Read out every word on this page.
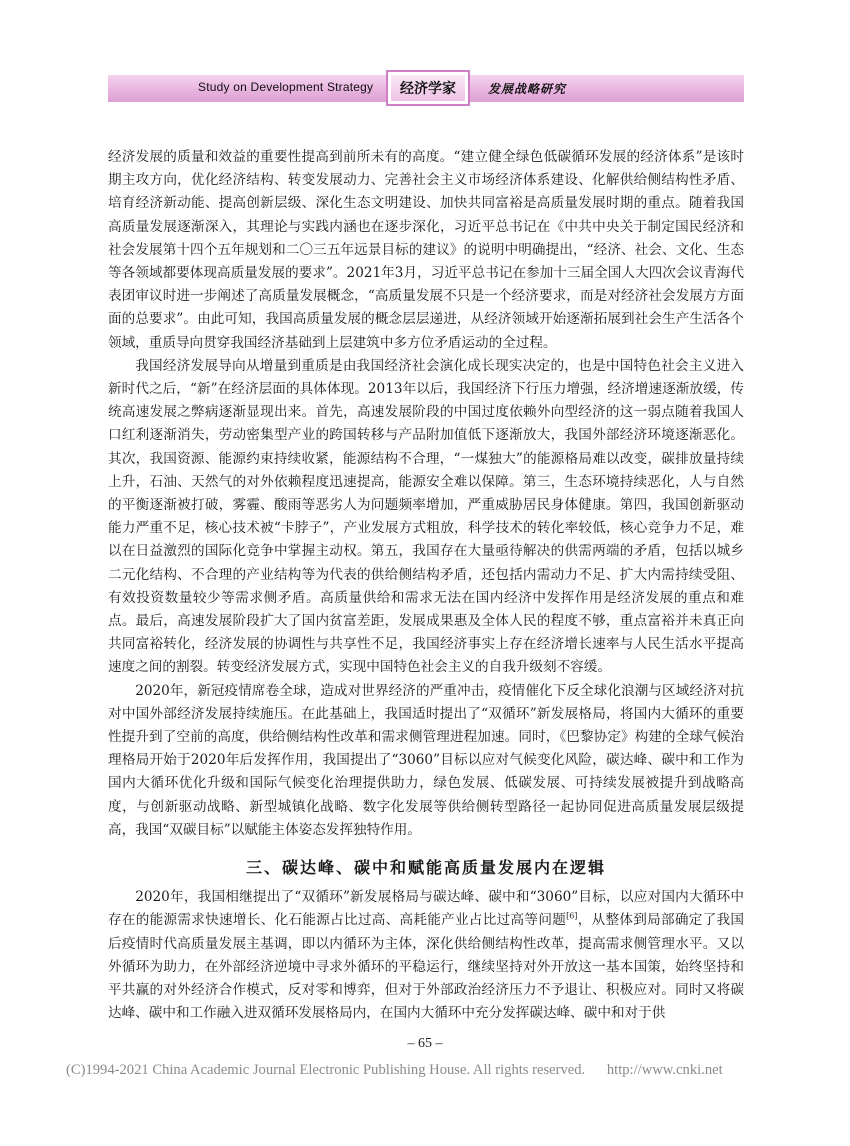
Study on Development Strategy	经济学家	发展战略研究

经济发展的质量和效益的重要性提高到前所未有的高度。“建立健全绿色低碳循环发展的经济体系”是该时期主攻方向，优化经济结构、转变发展动力、完善社会主义市场经济体系建设、化解供给侧结构性矛盾、培育经济新动能、提高创新层级、深化生态文明建设、加快共同富裕是高质量发展时期的重点。随着我国高质量发展逐渐深入，其理论与实践内涵也在逐步深化，习近平总书记在《中共中央关于制定国民经济和社会发展第十四个五年规划和二〇三五年远景目标的建议》的说明中明确提出，“经济、社会、文化、生态等各领域都要体现高质量发展的要求”。2021年3月，习近平总书记在参加十三届全国人大四次会议青海代表团审议时进一步阐述了高质量发展概念，“高质量发展不只是一个经济要求，而是对经济社会发展方方面面的总要求”。由此可知，我国高质量发展的概念层层递进，从经济领域开始逐渐拓展到社会生产生活各个领域，重质导向贯穿我国经济基础到上层建筑中多方位矛盾运动的全过程。

我国经济发展导向从增量到重质是由我国经济社会演化成长现实决定的，也是中国特色社会主义进入新时代之后，“新”在经济层面的具体体现。2013年以后，我国经济下行压力增强，经济增速逐渐放缓，传统高速发展之弊病逐渐显现出来。首先，高速发展阶段的中国过度依赖外向型经济的这一弱点随着我国人口红利逐渐消失，劳动密集型产业的跨国转移与产品附加值低下逐渐放大，我国外部经济环境逐渐恶化。其次，我国资源、能源约束持续收紧，能源结构不合理，“一煤独大”的能源格局难以改变，碳排放量持续上升，石油、天然气的对外依赖程度迅速提高，能源安全难以保障。第三，生态环境持续恶化，人与自然的平衡逐渐被打破，雾霾、酸雨等恶劣人为问题频率增加，严重威胁居民身体健康。第四，我国创新驱动能力严重不足，核心技术被“卡脖子”，产业发展方式粗放，科学技术的转化率较低，核心竞争力不足，难以在日益激烈的国际化竞争中掌握主动权。第五，我国存在大量亟待解决的供需两端的矛盾，包括以城乡二元化结构、不合理的产业结构等为代表的供给侧结构矛盾，还包括内需动力不足、扩大内需持续受阻、有效投资数量较少等需求侧矛盾。高质量供给和需求无法在国内经济中发挥作用是经济发展的重点和难点。最后，高速发展阶段扩大了国内贫富差距，发展成果惠及全体人民的程度不够，重点富裕并未真正向共同富裕转化，经济发展的协调性与共享性不足，我国经济事实上存在经济增长速率与人民生活水平提高速度之间的割裂。转变经济发展方式，实现中国特色社会主义的自我升级刻不容缓。

2020年，新冠疫情席卷全球，造成对世界经济的严重冲击，疫情催化下反全球化浪潮与区域经济对抗对中国外部经济发展持续施压。在此基础上，我国适时提出了“双循环”新发展格局，将国内大循环的重要性提升到了空前的高度，供给侧结构性改革和需求侧管理进程加速。同时，《巴黎协定》构建的全球气候治理格局开始于2020年后发挥作用，我国提出了“3060”目标以应对气候变化风险，碳达峰、碳中和工作为国内大循环优化升级和国际气候变化治理提供助力，绿色发展、低碳发展、可持续发展被提升到战略高度，与创新驱动战略、新型城镇化战略、数字化发展等供给侧转型路径一起协同促进高质量发展层级提高，我国“双碳目标”以赋能主体姿态发挥独特作用。

三、碳达峰、碳中和赋能高质量发展内在逻辑

2020年，我国相继提出了“双循环”新发展格局与碳达峰、碳中和“3060”目标，以应对国内大循环中存在的能源需求快速增长、化石能源占比过高、高耗能产业占比过高等问题[6]，从整体到局部确定了我国后疫情时代高质量发展主基调，即以内循环为主体，深化供给侧结构性改革，提高需求侧管理水平。又以外循环为助力，在外部经济逆境中寻求外循环的平稳运行，继续坚持对外开放这一基本国策，始终坚持和平共赢的对外经济合作模式，反对零和博弈，但对于外部政治经济压力不予退让、积极应对。同时又将碳达峰、碳中和工作融入进双循环发展格局内，在国内大循环中充分发挥碳达峰、碳中和对于供

– 65 –
(C)1994-2021 China Academic Journal Electronic Publishing House. All rights reserved. http://www.cnki.net
